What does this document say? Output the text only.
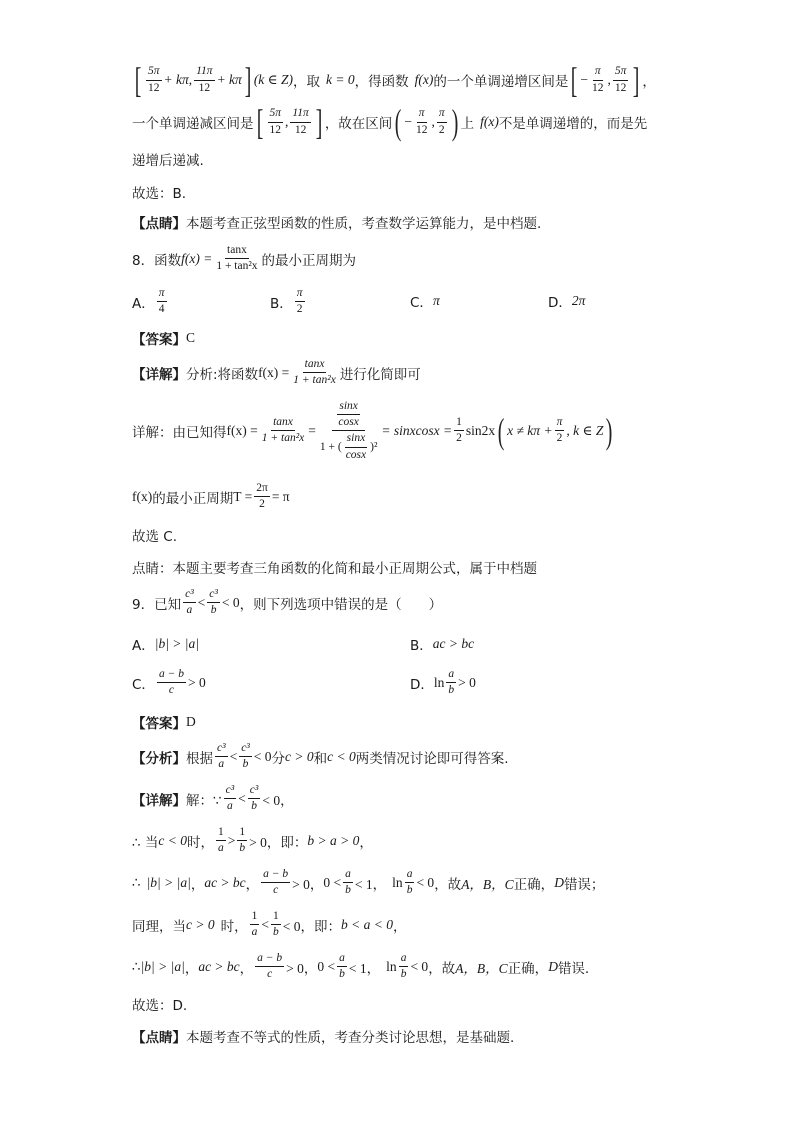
[ $\frac{5\pi}{12} + k\pi$ , $\frac{11\pi}{12} + k\pi$ ] (k ∈ Z) ，取 k = 0 ，得函数 f(x) 的一个单调递增区间是 [ − $\frac{\pi}{12}$ , $\frac{5\pi}{12}$ ] ，
一个单调递减区间是 [ $\frac{5\pi}{12}$ , $\frac{11\pi}{12}$ ] ，故在区间 ( − $\frac{\pi}{12}$ , $\frac{\pi}{2}$ ) 上 f(x) 不是单调递增的，而是先
递增后递减.
故选：B.
【点睛】 本题考查正弦型函数的性质，考查数学运算能力，是中档题.
8．函数 $f(x) = \frac{\tan x}{\text{1 + tan²x}}$ 的最小正周期为
A． $\frac{\pi}{4}$	B． $\frac{\pi}{2}$	C． π	D． 2π
【答案】 C
【详解】 分析:将函数 $f(x) = \frac{\tan x}{\text{1 + tan²x}}$ 进行化简即可
详解：由已知得 $f(x) = \frac{\tan x}{\text{1 + tan²x}} = \frac{\frac{\sin x}{\cos x}}{1 + ( \frac{\sin x}{\cos x} )^2}$ = sinxcosx = $\frac{1}{2} \sin 2x$ ( $x \ne k\pi + \frac{\pi}{2}$ , k ∈ Z )
f(x) 的最小正周期 $T = \frac{2\pi}{2} = \pi$
故选 C.
点睛：本题主要考查三角函数的化简和最小正周期公式，属于中档题
9．已知 $\frac{\text{c³}}{a} < \frac{\text{c³}}{b} < 0$ ，则下列选项中错误的是（　　）
A． |b| > |a|	B． ac > bc
C． $\frac{a - b}{c} > 0$	D． $\ln \frac{a}{b} > 0$
【答案】 D
【分析】 根据 $\frac{\text{c³}}{a} < \frac{\text{c³}}{b} < 0$ 分 c > 0 和 c < 0 两类情况讨论即可得答案.
【详解】 解：∵ $\frac{\text{c³}}{a} < \frac{\text{c³}}{b} < 0$，
∴ 当 c < 0 时， $\frac{1}{a} > \frac{1}{b} > 0$，即： b > a > 0 ，
∴ |b| > |a| ， ac > bc ， $\frac{a - b}{c} > 0$， $0 < \frac{a}{b} < 1$， $\ln \frac{a}{b} < 0$ ，故 A，B，C 正确， D 错误；
同理，当 c > 0 时， $\frac{1}{a} < \frac{1}{b} < 0$，即： b < a < 0 ，
∴ |b| > |a| ， ac > bc ， $\frac{a - b}{c} > 0$， $0 < \frac{a}{b} < 1$， $\ln \frac{a}{b} < 0$ ，故 A，B，C 正确， D 错误.
故选：D.
【点睛】 本题考查不等式的性质，考查分类讨论思想，是基础题.
